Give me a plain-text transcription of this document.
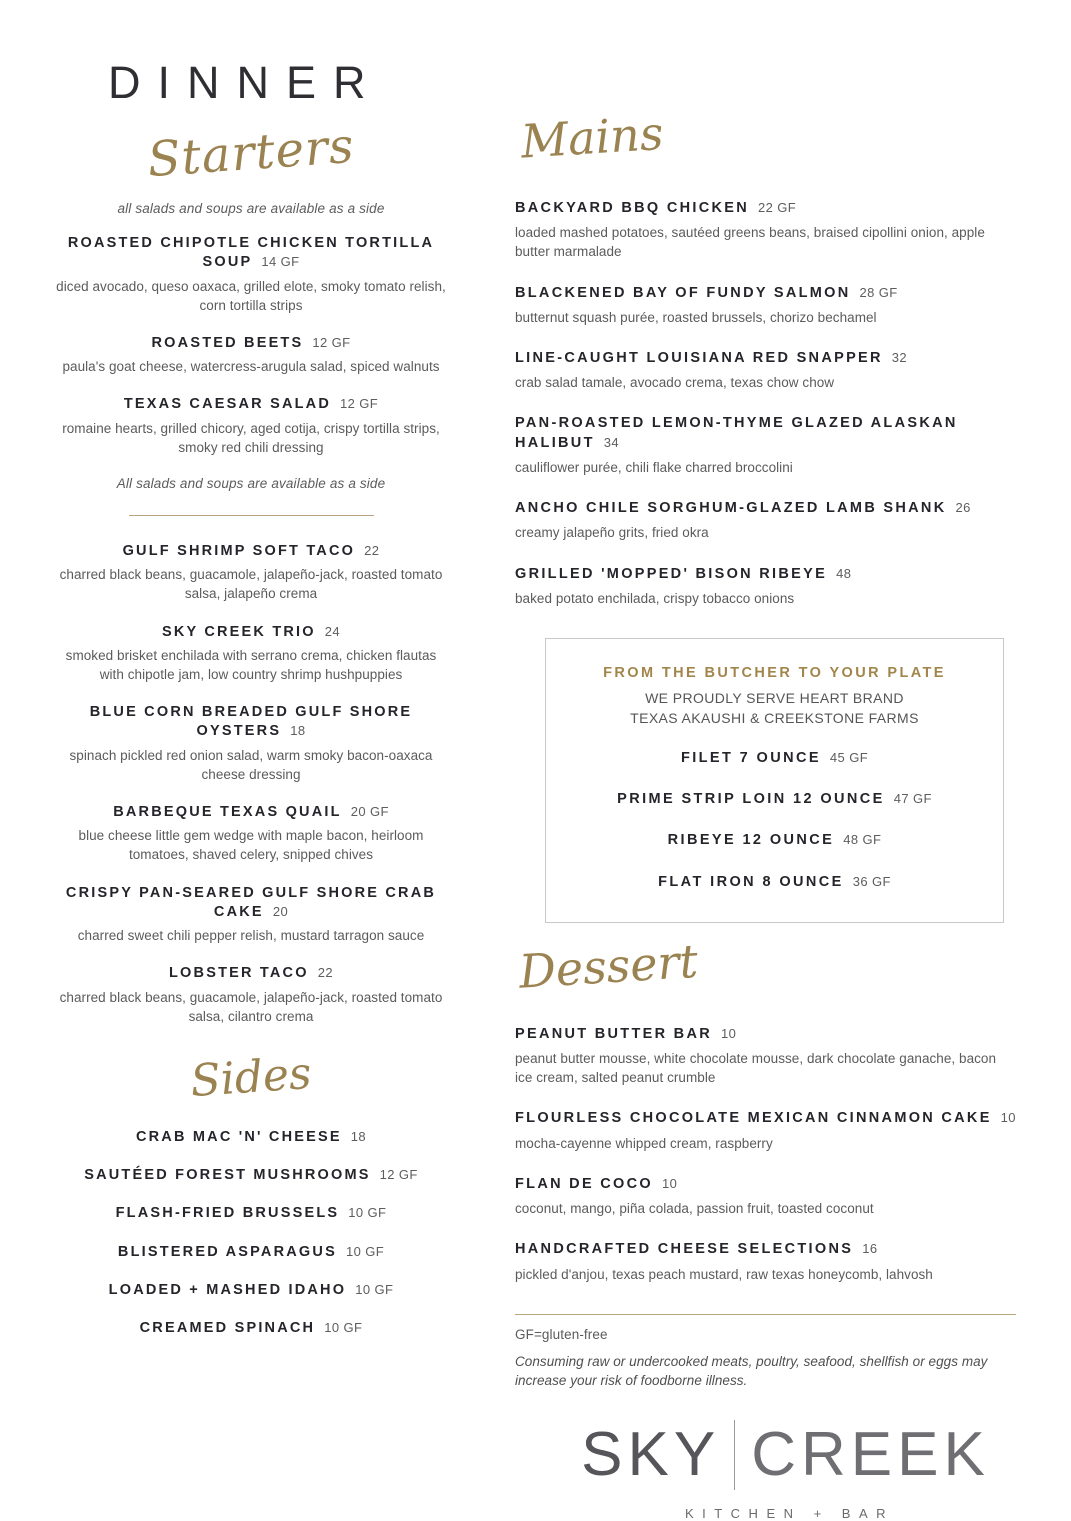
DINNER
Starters

all salads and soups are available as a side

ROASTED CHIPOTLE CHICKEN TORTILLA SOUP 14 GF

diced avocado, queso oaxaca, grilled elote, smoky tomato relish, corn tortilla strips

ROASTED BEETS 12 GF

paula's goat cheese, watercress-arugula salad, spiced walnuts

TEXAS CAESAR SALAD 12 GF

romaine hearts, grilled chicory, aged cotija, crispy tortilla strips, smoky red chili dressing

All salads and soups are available as a side

GULF SHRIMP SOFT TACO 22

charred black beans, guacamole, jalapeño-jack, roasted tomato salsa, jalapeño crema

SKY CREEK TRIO 24

smoked brisket enchilada with serrano crema, chicken flautas with chipotle jam, low country shrimp hushpuppies

BLUE CORN BREADED GULF SHORE OYSTERS 18

spinach pickled red onion salad, warm smoky bacon-oaxaca cheese dressing

BARBEQUE TEXAS QUAIL 20 GF

blue cheese little gem wedge with maple bacon, heirloom tomatoes, shaved celery, snipped chives

CRISPY PAN-SEARED GULF SHORE CRAB CAKE 20

charred sweet chili pepper relish, mustard tarragon sauce

LOBSTER TACO 22

charred black beans, guacamole, jalapeño-jack, roasted tomato salsa, cilantro crema

Sides
CRAB MAC 'N' CHEESE 18
SAUTÉED FOREST MUSHROOMS 12 GF
FLASH-FRIED BRUSSELS 10 GF
BLISTERED ASPARAGUS 10 GF
LOADED + MASHED IDAHO 10 GF
CREAMED SPINACH 10 GF
Mains
BACKYARD BBQ CHICKEN 22 GF

loaded mashed potatoes, sautéed greens beans, braised cipollini onion, apple butter marmalade

BLACKENED BAY OF FUNDY SALMON 28 GF

butternut squash purée, roasted brussels, chorizo bechamel

LINE-CAUGHT LOUISIANA RED SNAPPER 32

crab salad tamale, avocado crema, texas chow chow

PAN-ROASTED LEMON-THYME GLAZED ALASKAN HALIBUT 34

cauliflower purée, chili flake charred broccolini

ANCHO CHILE SORGHUM-GLAZED LAMB SHANK 26

creamy jalapeño grits, fried okra

GRILLED 'MOPPED' BISON RIBEYE 48

baked potato enchilada, crispy tobacco onions

FROM THE BUTCHER TO YOUR PLATE

WE PROUDLY SERVE HEART BRAND
TEXAS AKAUSHI & CREEKSTONE FARMS

FILET 7 OUNCE 45 GF
PRIME STRIP LOIN 12 OUNCE 47 GF
RIBEYE 12 OUNCE 48 GF
FLAT IRON 8 OUNCE 36 GF
Dessert
PEANUT BUTTER BAR 10

peanut butter mousse, white chocolate mousse, dark chocolate ganache, bacon ice cream, salted peanut crumble

FLOURLESS CHOCOLATE MEXICAN CINNAMON CAKE 10

mocha-cayenne whipped cream, raspberry

FLAN DE COCO 10

coconut, mango, piña colada, passion fruit, toasted coconut

HANDCRAFTED CHEESE SELECTIONS 16

pickled d'anjou, texas peach mustard, raw texas honeycomb, lahvosh

GF=gluten-free

Consuming raw or undercooked meats, poultry, seafood, shellfish or eggs may increase your risk of foodborne illness.

SKY CREEK
KITCHEN + BAR
